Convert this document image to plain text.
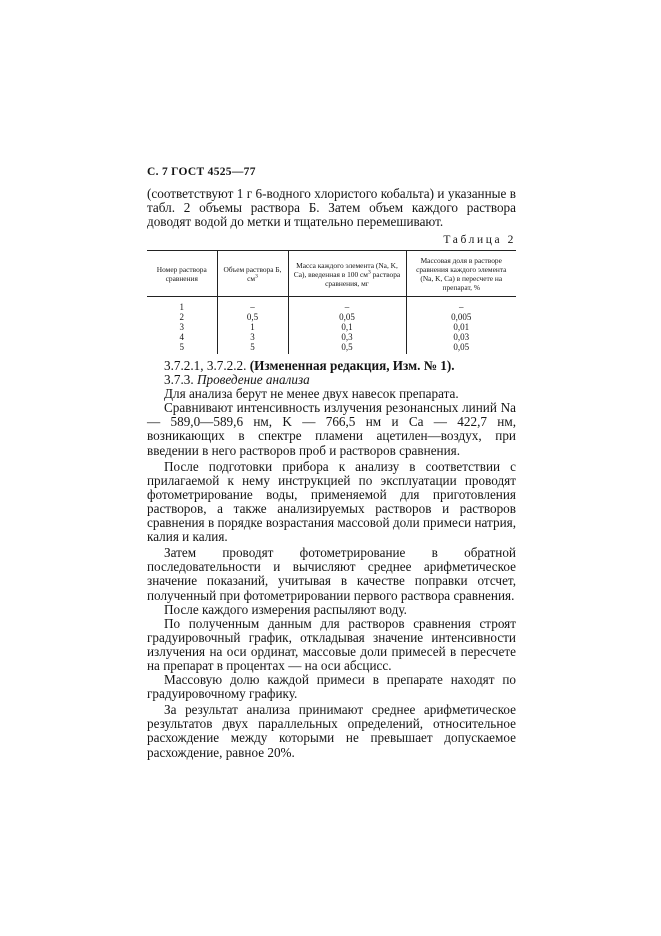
С. 7 ГОСТ 4525—77
(соответствуют 1 г 6-водного хлористого кобальта) и указанные в табл. 2 объемы раствора Б. Затем объем каждого раствора доводят водой до метки и тщательно перемешивают.
Таблица 2
Номер раствора сравнения	Объем раствора Б, $см^3$	Масса каждого элемента (Na, K, Ca), введенная в 100 $см^3$ раствора сравнения, мг	Массовая доля в растворе сравнения каждого элемента (Na, K, Ca) в пересчете на препарат, %

1	–	–	–
2	0,5	0,05	0,005
3	1	0,1	0,01
4	3	0,3	0,03
5	5	0,5	0,05

3.7.2.1, 3.7.2.2. (Измененная редакция, Изм. № 1).

3.7.3. Проведение анализа

Для анализа берут не менее двух навесок препарата.

Сравнивают интенсивность излучения резонансных линий Na — 589,0—589,6 нм, K — 766,5 нм и Ca — 422,7 нм, возникающих в спектре пламени ацетилен—воздух, при введении в него растворов проб и растворов сравнения.

После подготовки прибора к анализу в соответствии с прилагаемой к нему инструкцией по эксплуатации проводят фотометрирование воды, применяемой для приготовления растворов, а также анализируемых растворов и растворов сравнения в порядке возрастания массовой доли примеси натрия, калия и калия.

Затем проводят фотометрирование в обратной последовательности и вычисляют среднее арифметическое значение показаний, учитывая в качестве поправки отсчет, полученный при фотометрировании первого раствора сравнения.

После каждого измерения распыляют воду.

По полученным данным для растворов сравнения строят градуировочный график, откладывая значение интенсивности излучения на оси ординат, массовые доли примесей в пересчете на препарат в процентах — на оси абсцисс.

Массовую долю каждой примеси в препарате находят по градуировочному графику.

За результат анализа принимают среднее арифметическое результатов двух параллельных определений, относительное расхождение между которыми не превышает допускаемое расхождение, равное 20%.
